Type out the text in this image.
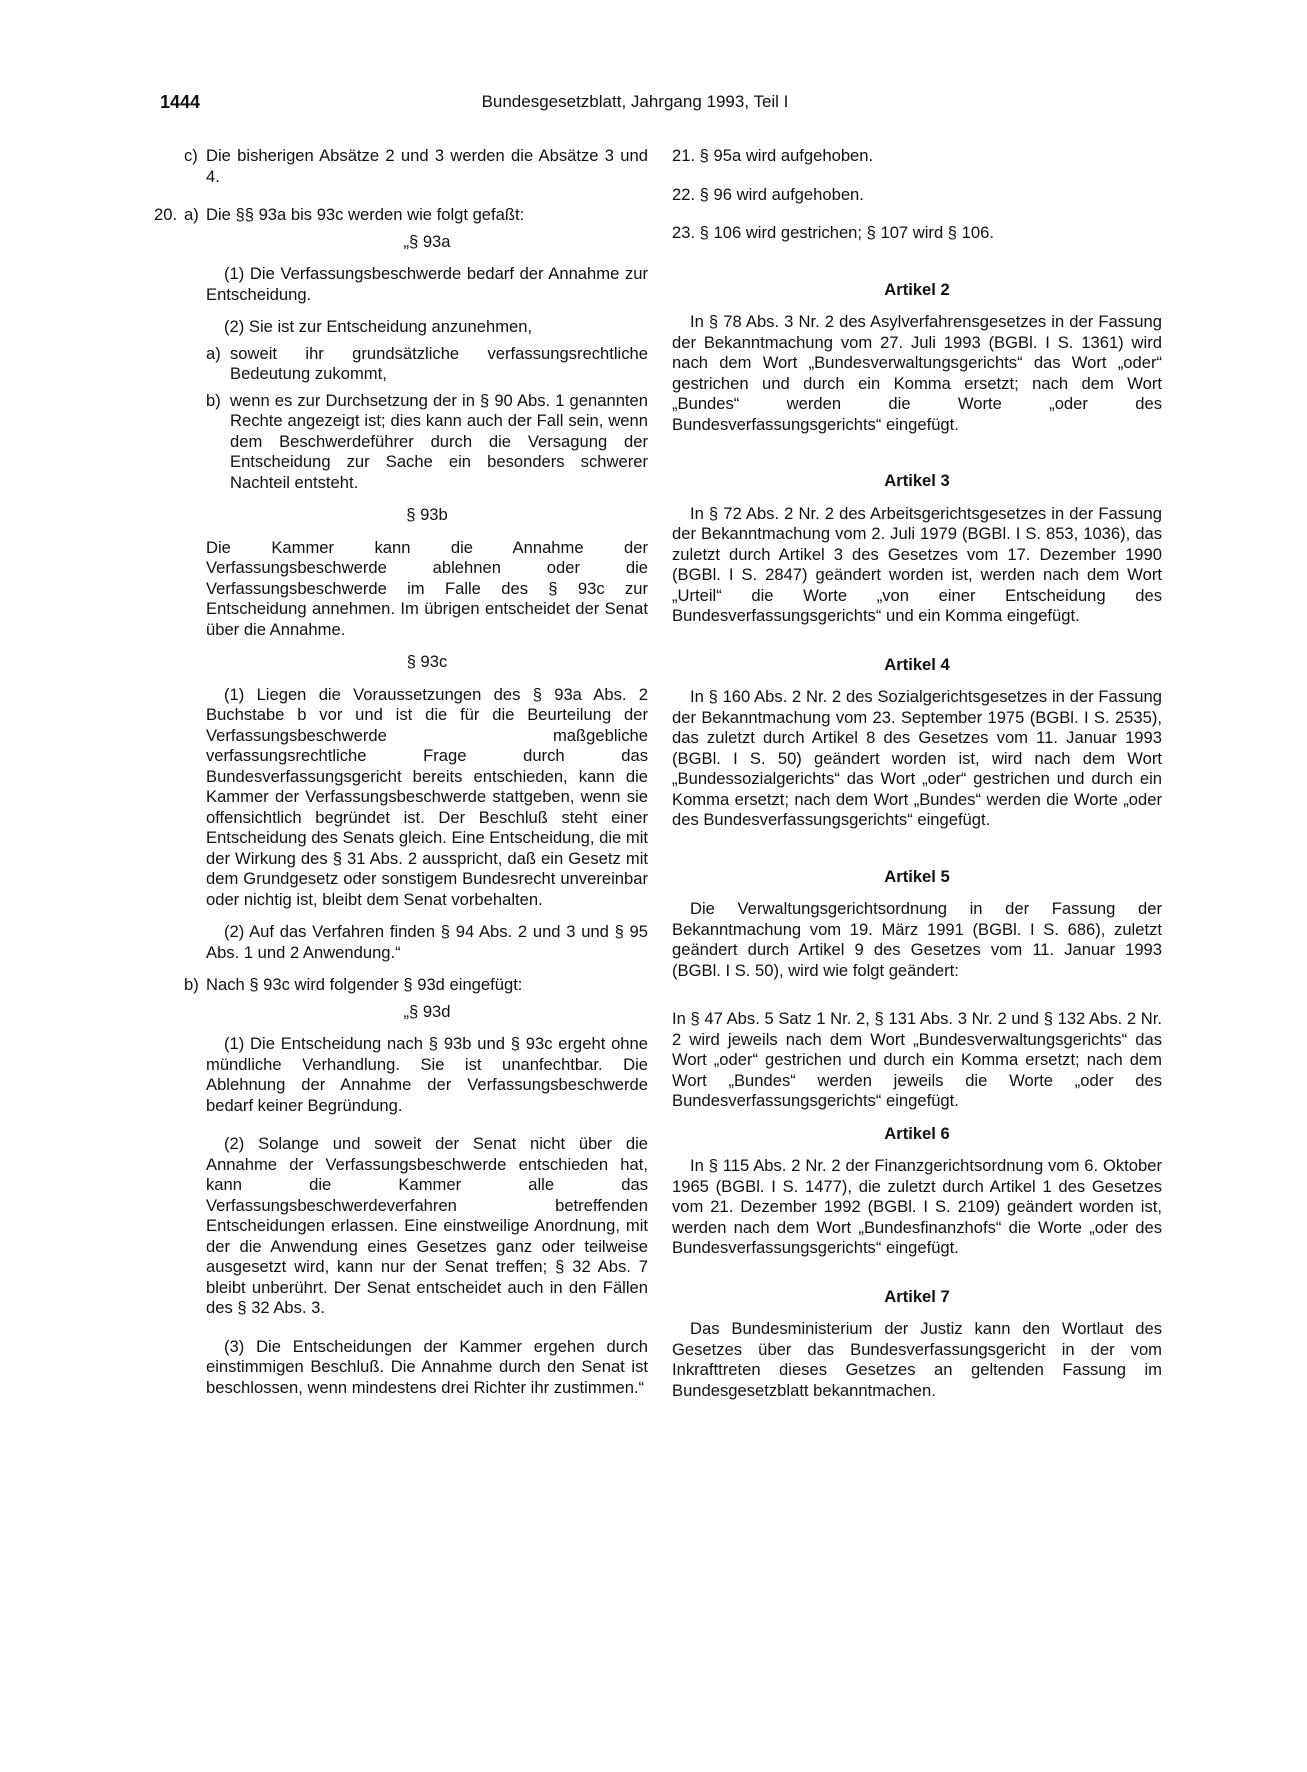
1444	Bundesgesetzblatt, Jahrgang 1993, Teil I
c) Die bisherigen Absätze 2 und 3 werden die Absätze 3 und 4.

20. a) Die §§ 93a bis 93c werden wie folgt gefaßt:

„§ 93a

(1) Die Verfassungsbeschwerde bedarf der Annahme zur Entscheidung.

(2) Sie ist zur Entscheidung anzunehmen,

a) soweit ihr grundsätzliche verfassungsrechtliche Bedeutung zukommt,

b) wenn es zur Durchsetzung der in § 90 Abs. 1 genannten Rechte angezeigt ist; dies kann auch der Fall sein, wenn dem Beschwerdeführer durch die Versagung der Entscheidung zur Sache ein besonders schwerer Nachteil entsteht.

§ 93b

Die Kammer kann die Annahme der Verfassungsbeschwerde ablehnen oder die Verfassungsbeschwerde im Falle des § 93c zur Entscheidung annehmen. Im übrigen entscheidet der Senat über die Annahme.

§ 93c

(1) Liegen die Voraussetzungen des § 93a Abs. 2 Buchstabe b vor und ist die für die Beurteilung der Verfassungsbeschwerde maßgebliche verfassungsrechtliche Frage durch das Bundesverfassungsgericht bereits entschieden, kann die Kammer der Verfassungsbeschwerde stattgeben, wenn sie offensichtlich begründet ist. Der Beschluß steht einer Entscheidung des Senats gleich. Eine Entscheidung, die mit der Wirkung des § 31 Abs. 2 ausspricht, daß ein Gesetz mit dem Grundgesetz oder sonstigem Bundesrecht unvereinbar oder nichtig ist, bleibt dem Senat vorbehalten.

(2) Auf das Verfahren finden § 94 Abs. 2 und 3 und § 95 Abs. 1 und 2 Anwendung.“

b) Nach § 93c wird folgender § 93d eingefügt:

„§ 93d

(1) Die Entscheidung nach § 93b und § 93c ergeht ohne mündliche Verhandlung. Sie ist unanfechtbar. Die Ablehnung der Annahme der Verfassungsbeschwerde bedarf keiner Begründung.

(2) Solange und soweit der Senat nicht über die Annahme der Verfassungsbeschwerde entschieden hat, kann die Kammer alle das Verfassungsbeschwerdeverfahren betreffenden Entscheidungen erlassen. Eine einstweilige Anordnung, mit der die Anwendung eines Gesetzes ganz oder teilweise ausgesetzt wird, kann nur der Senat treffen; § 32 Abs. 7 bleibt unberührt. Der Senat entscheidet auch in den Fällen des § 32 Abs. 3.

(3) Die Entscheidungen der Kammer ergehen durch einstimmigen Beschluß. Die Annahme durch den Senat ist beschlossen, wenn mindestens drei Richter ihr zustimmen.“

21. § 95a wird aufgehoben.

22. § 96 wird aufgehoben.

23. § 106 wird gestrichen; § 107 wird § 106.

Artikel 2

In § 78 Abs. 3 Nr. 2 des Asylverfahrensgesetzes in der Fassung der Bekanntmachung vom 27. Juli 1993 (BGBl. I S. 1361) wird nach dem Wort „Bundesverwaltungsgerichts“ das Wort „oder“ gestrichen und durch ein Komma ersetzt; nach dem Wort „Bundes“ werden die Worte „oder des Bundesverfassungsgerichts“ eingefügt.

Artikel 3

In § 72 Abs. 2 Nr. 2 des Arbeitsgerichtsgesetzes in der Fassung der Bekanntmachung vom 2. Juli 1979 (BGBl. I S. 853, 1036), das zuletzt durch Artikel 3 des Gesetzes vom 17. Dezember 1990 (BGBl. I S. 2847) geändert worden ist, werden nach dem Wort „Urteil“ die Worte „von einer Entscheidung des Bundesverfassungsgerichts“ und ein Komma eingefügt.

Artikel 4

In § 160 Abs. 2 Nr. 2 des Sozialgerichtsgesetzes in der Fassung der Bekanntmachung vom 23. September 1975 (BGBl. I S. 2535), das zuletzt durch Artikel 8 des Gesetzes vom 11. Januar 1993 (BGBl. I S. 50) geändert worden ist, wird nach dem Wort „Bundessozialgerichts“ das Wort „oder“ gestrichen und durch ein Komma ersetzt; nach dem Wort „Bundes“ werden die Worte „oder des Bundesverfassungsgerichts“ eingefügt.

Artikel 5

Die Verwaltungsgerichtsordnung in der Fassung der Bekanntmachung vom 19. März 1991 (BGBl. I S. 686), zuletzt geändert durch Artikel 9 des Gesetzes vom 11. Januar 1993 (BGBl. I S. 50), wird wie folgt geändert:

In § 47 Abs. 5 Satz 1 Nr. 2, § 131 Abs. 3 Nr. 2 und § 132 Abs. 2 Nr. 2 wird jeweils nach dem Wort „Bundesverwaltungsgerichts“ das Wort „oder“ gestrichen und durch ein Komma ersetzt; nach dem Wort „Bundes“ werden jeweils die Worte „oder des Bundesverfassungsgerichts“ eingefügt.

Artikel 6

In § 115 Abs. 2 Nr. 2 der Finanzgerichtsordnung vom 6. Oktober 1965 (BGBl. I S. 1477), die zuletzt durch Artikel 1 des Gesetzes vom 21. Dezember 1992 (BGBl. I S. 2109) geändert worden ist, werden nach dem Wort „Bundesfinanzhofs“ die Worte „oder des Bundesverfassungsgerichts“ eingefügt.

Artikel 7

Das Bundesministerium der Justiz kann den Wortlaut des Gesetzes über das Bundesverfassungsgericht in der vom Inkrafttreten dieses Gesetzes an geltenden Fassung im Bundesgesetzblatt bekanntmachen.
